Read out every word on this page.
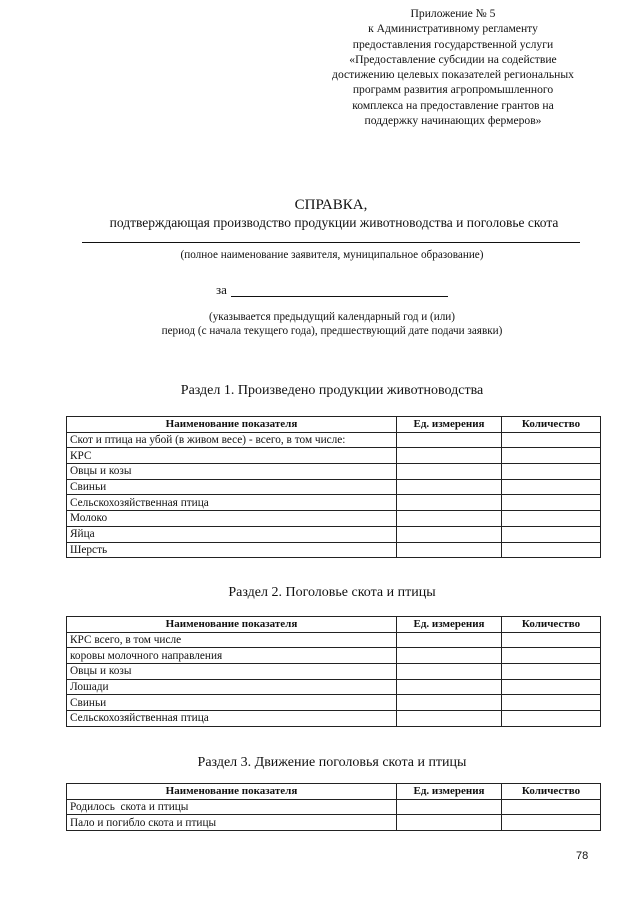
Приложение № 5
к Административному регламенту
предоставления государственной услуги
«Предоставление субсидии на содействие
достижению целевых показателей региональных
программ развития агропромышленного
комплекса на предоставление грантов на
поддержку начинающих фермеров»
СПРАВКА,
подтверждающая производство продукции животноводства и поголовье скота
(полное наименование заявителя, муниципальное образование)
за
(указывается предыдущий календарный год и (или)
период (с начала текущего года), предшествующий дате подачи заявки)
Раздел 1. Произведено продукции животноводства
Наименование показателя	Ед. измерения	Количество
Скот и птица на убой (в живом весе) - всего, в том числе:		
КРС		
Овцы и козы		
Свиньи		
Сельскохозяйственная птица		
Молоко		
Яйца		
Шерсть		
Раздел 2. Поголовье скота и птицы
Наименование показателя	Ед. измерения	Количество
КРС всего, в том числе		
коровы молочного направления		
Овцы и козы		
Лошади		
Свиньи		
Сельскохозяйственная птица		
Раздел 3. Движение поголовья скота и птицы
Наименование показателя	Ед. измерения	Количество
Родилось  скота и птицы		
Пало и погибло скота и птицы		
78
